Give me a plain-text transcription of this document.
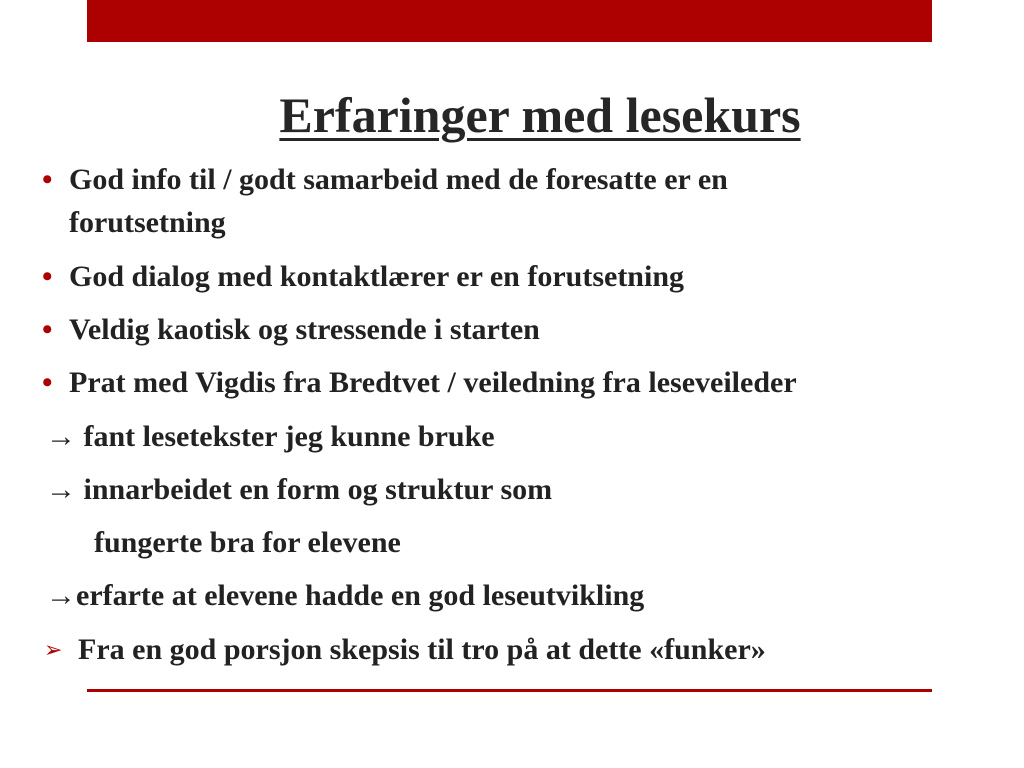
Erfaringer med lesekurs
• God info til / godt samarbeid med de foresatte er en
forutsetning
• God dialog med kontaktlærer er en forutsetning
• Veldig kaotisk og stressende i starten
• Prat med Vigdis fra Bredtvet / veiledning fra leseveileder
→ fant lesetekster jeg kunne bruke
→ innarbeidet en form og struktur som
fungerte bra for elevene
→erfarte at elevene hadde en god leseutvikling
➢ Fra en god porsjon skepsis til tro på at dette «funker»
